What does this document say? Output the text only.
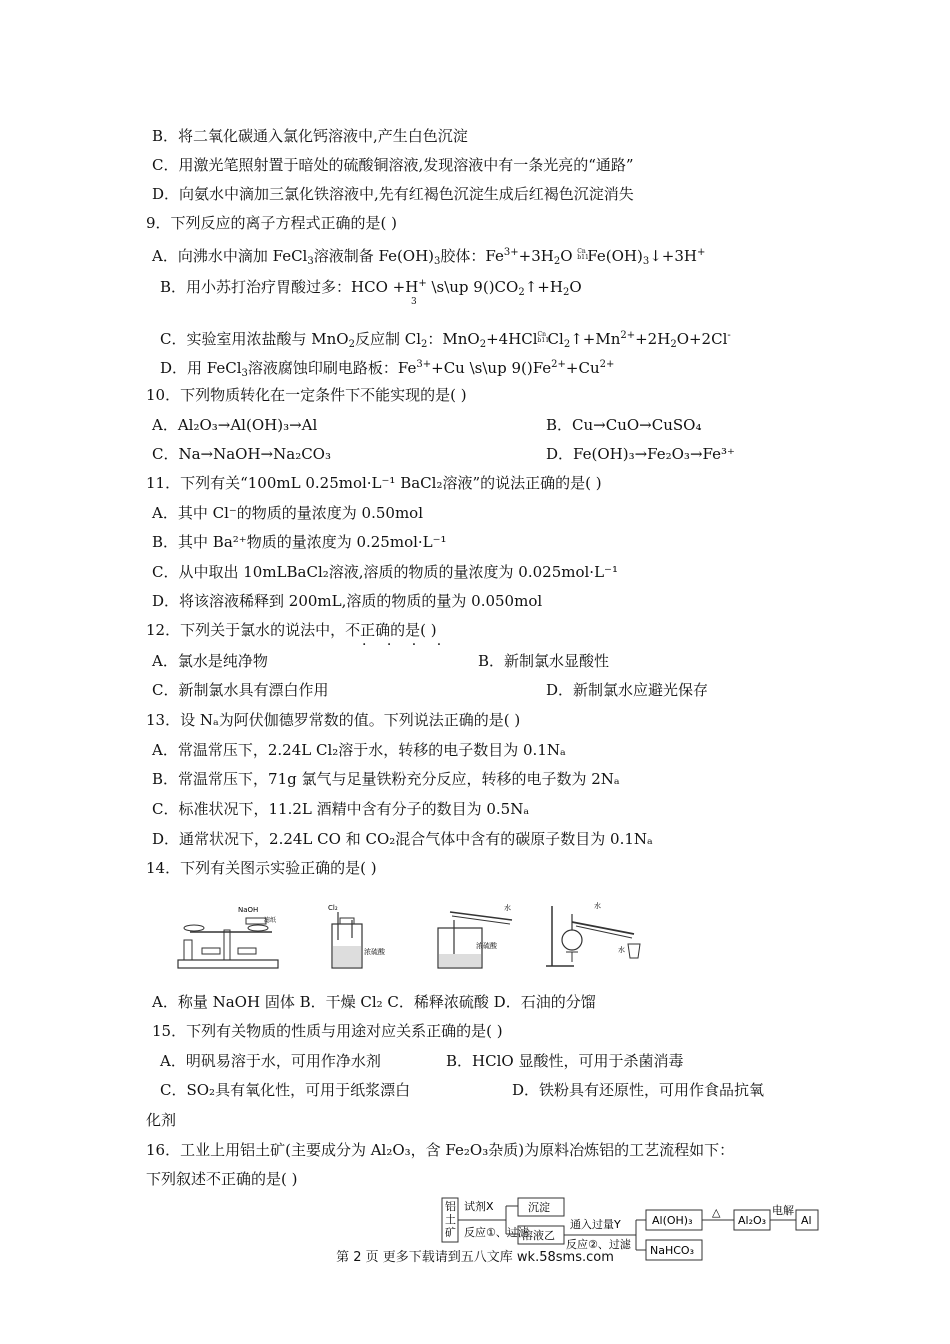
B．将二氧化碳通入氯化钙溶液中,产生白色沉淀
C．用激光笔照射置于暗处的硫酸铜溶液,发现溶液中有一条光亮的“通路”
D．向氨水中滴加三氯化铁溶液中,先有红褐色沉淀生成后红褐色沉淀消失
9．下列反应的离子方程式正确的是( )
A．向沸水中滴加 FeCl$_3$溶液制备 $Fe(OH)_3$胶体：$Fe^{3+}+3H_2O$ Cn
$b11Fe(OH)_3↓+3H^+$
B．用小苏打治疗胃酸过多：HCO +H+ \s\up $9()CO_2↑+H_2O$
3
C．实验室用浓盐酸与 MnO$_2$反应制 $Cl_2$：MnO$_2$+4HClCn
$b11Cl_2↑+Mn^{2+}+2H_2O+2Cl^-$
D．用 FeCl$_3$溶液腐蚀印刷电路板：$Fe^{3+}+Cu$ \s\up $9()Fe^{2+}+Cu^{2+}$
10．下列物质转化在一定条件下不能实现的是( )
A．Al₂O₃→Al(OH)₃→Al	B．Cu→CuO→CuSO₄
C．Na→NaOH→Na₂CO₃	D．Fe(OH)₃→Fe₂O₃→Fe³⁺
11．下列有关“100mL 0.25mol·L⁻¹ BaCl₂溶液”的说法正确的是( )
A．其中 Cl⁻的物质的量浓度为 0.50mol
B．其中 Ba²⁺物质的量浓度为 0.25mol·L⁻¹
C．从中取出 10mLBaCl₂溶液,溶质的物质的量浓度为 0.025mol·L⁻¹
D．将该溶液稀释到 200mL,溶质的物质的量为 0.050mol
12．下列关于氯水的说法中，不正确的是( )
· · · ·
A．氯水是纯净物	B．新制氯水显酸性
C．新制氯水具有漂白作用	D．新制氯水应避光保存
13．设 Nₐ为阿伏伽德罗常数的值。下列说法正确的是( )
A．常温常压下，2.24L Cl₂溶于水，转移的电子数目为 0.1Nₐ
B．常温常压下，71g 氯气与足量铁粉充分反应，转移的电子数为 2Nₐ
C．标准状况下，11.2L 酒精中含有分子的数目为 0.5Nₐ
D．通常状况下，2.24L CO 和 CO₂混合气体中含有的碳原子数目为 0.1Nₐ
14．下列有关图示实验正确的是( )
NaOH
滤纸
Cl₂
浓硫酸
水
浓硫酸
水
水
A．称量 NaOH 固体 B．干燥 Cl₂ C．稀释浓硫酸 D．石油的分馏
15．下列有关物质的性质与用途对应关系正确的是( )
A．明矾易溶于水，可用作净水剂	B．HClO 显酸性，可用于杀菌消毒
C．SO₂具有氧化性，可用于纸浆漂白	D．铁粉具有还原性，可用作食品抗氧
化剂
16．工业上用铝土矿(主要成分为 Al₂O₃，含 Fe₂O₃杂质)为原料冶炼铝的工艺流程如下：
下列叙述不正确的是( )
铝
土
矿
试剂X
反应①、过滤
沉淀
溶液乙
通入过量Y
反应②、过滤
Al(OH)₃
NaHCO₃
△
Al₂O₃
电解
Al
第 2 页 更多下载请到五八文库 wk.58sms.com
